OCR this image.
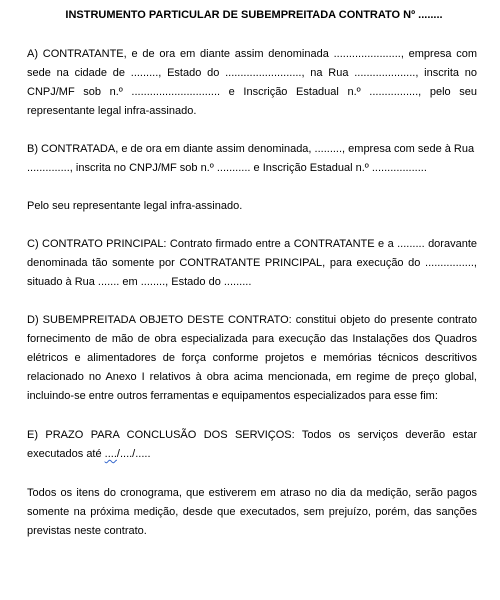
INSTRUMENTO PARTICULAR DE SUBEMPREITADA CONTRATO Nº ........

A) CONTRATANTE, e de ora em diante assim denominada ......................, empresa com sede na cidade de ........., Estado do ........................., na Rua ...................., inscrita no CNPJ/MF sob n.º ............................. e Inscrição Estadual n.º ................, pelo seu representante legal infra-assinado.

B) CONTRATADA, e de ora em diante assim denominada, ........., empresa com sede à Rua .............., inscrita no CNPJ/MF sob n.º ........... e Inscrição Estadual n.º ..................

Pelo seu representante legal infra-assinado.

C) CONTRATO PRINCIPAL: Contrato firmado entre a CONTRATANTE e a ......... doravante denominada tão somente por CONTRATANTE PRINCIPAL, para execução do ................, situado à Rua ....... em ........, Estado do .........

D) SUBEMPREITADA OBJETO DESTE CONTRATO: constitui objeto do presente contrato fornecimento de mão de obra especializada para execução das Instalações dos Quadros elétricos e alimentadores de força conforme projetos e memórias técnicos descritivos relacionado no Anexo I relativos à obra acima mencionada, em regime de preço global, incluindo-se entre outros ferramentas e equipamentos especializados para esse fim:

E) PRAZO PARA CONCLUSÃO DOS SERVIÇOS: Todos os serviços deverão estar executados até ..../..../.....

Todos os itens do cronograma, que estiverem em atraso no dia da medição, serão pagos somente na próxima medição, desde que executados, sem prejuízo, porém, das sanções previstas neste contrato.
